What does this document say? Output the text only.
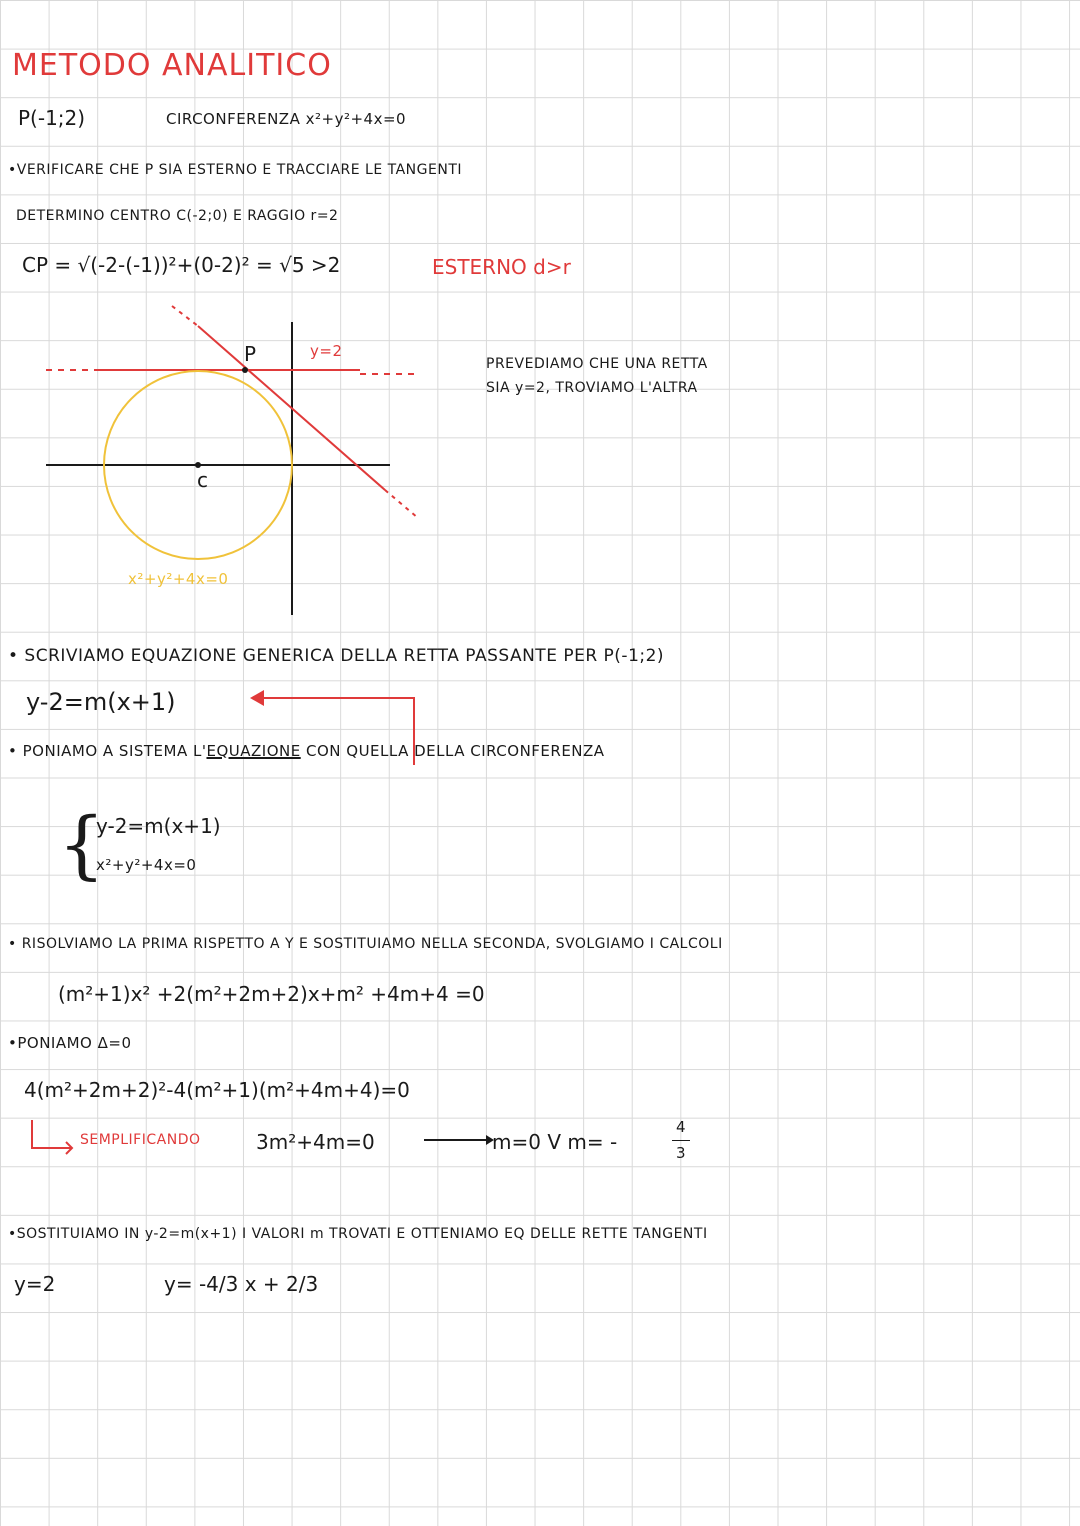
METODO ANALITICO
P(-1;2)	CIRCONFERENZA x²+y²+4x=0
•VERIFICARE CHE P SIA ESTERNO E TRACCIARE LE TANGENTI
DETERMINO CENTRO C(-2;0) E RAGGIO r=2
CP = √(-2-(-1))²+(0-2)² = √5 >2	ESTERNO d>r
P
c
y=2
x²+y²+4x=0
PREVEDIAMO CHE UNA RETTA
SIA y=2, TROVIAMO L'ALTRA
• SCRIVIAMO EQUAZIONE GENERICA DELLA RETTA PASSANTE PER P(-1;2)
y-2=m(x+1)
• PONIAMO A SISTEMA L'EQUAZIONE CON QUELLA DELLA CIRCONFERENZA
{
y-2=m(x+1)
x²+y²+4x=0
• RISOLVIAMO LA PRIMA RISPETTO A Y E SOSTITUIAMO NELLA SECONDA, SVOLGIAMO I CALCOLI
(m²+1)x² +2(m²+2m+2)x+m² +4m+4 =0
•PONIAMO Δ=0
4(m²+2m+2)²-4(m²+1)(m²+4m+4)=0
SEMPLIFICANDO	3m²+4m=0	m=0 V m= -
4
3
•SOSTITUIAMO IN y-2=m(x+1) I VALORI m TROVATI E OTTENIAMO EQ DELLE RETTE TANGENTI
y=2	y= -4/3 x + 2/3
